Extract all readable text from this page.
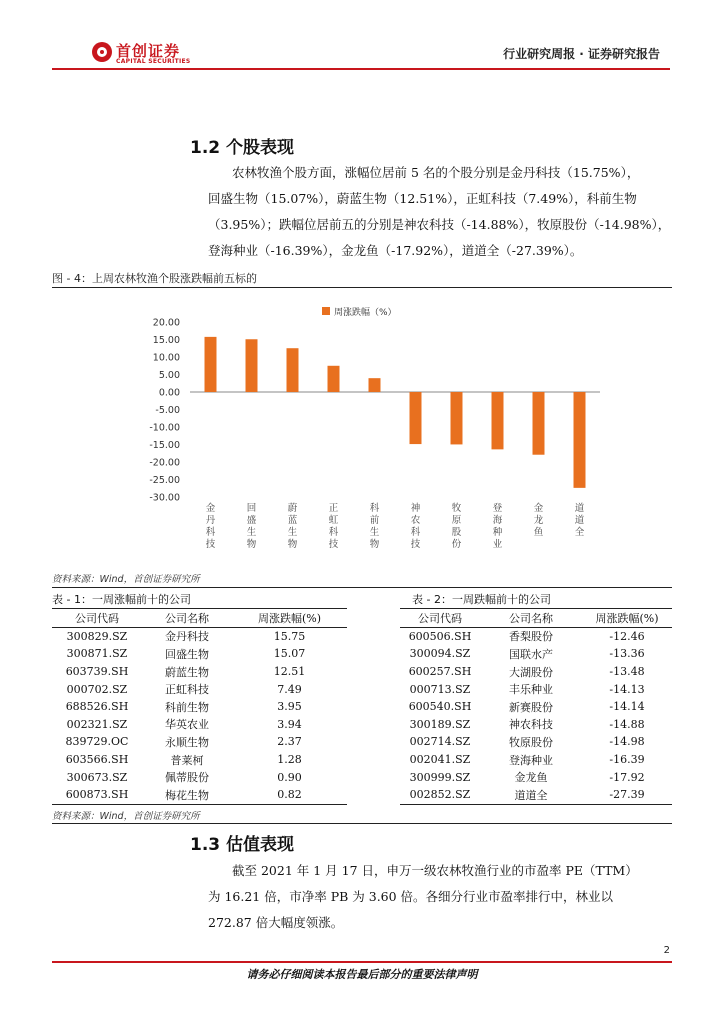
首创证券
CAPITAL SECURITIES
行业研究周报 · 证券研究报告
1.2 个股表现
农林牧渔个股方面，涨幅位居前 5 名的个股分别是金丹科技（15.75%），
回盛生物（15.07%），蔚蓝生物（12.51%），正虹科技（7.49%），科前生物
（3.95%）；跌幅位居前五的分别是神农科技（-14.88%），牧原股份（-14.98%），
登海种业（-16.39%），金龙鱼（-17.92%），道道全（-27.39%）。
图 - 4：上周农林牧渔个股涨跌幅前五标的
周涨跌幅（%）
20.00
15.00
10.00
5.00
0.00
-5.00
-10.00
-15.00
-20.00
-25.00
-30.00
金丹科技
回盛生物
蔚蓝生物
正虹科技
科前生物
神农科技
牧原股份
登海种业
金龙鱼
道道全
资料来源：Wind，首创证券研究所
表 - 1：一周涨幅前十的公司	表 - 2：一周跌幅前十的公司
公司代码	公司名称	周涨跌幅(%)
300829.SZ	金丹科技	15.75
300871.SZ	回盛生物	15.07
603739.SH	蔚蓝生物	12.51
000702.SZ	正虹科技	7.49
688526.SH	科前生物	3.95
002321.SZ	华英农业	3.94
839729.OC	永顺生物	2.37
603566.SH	普莱柯	1.28
300673.SZ	佩蒂股份	0.90
600873.SH	梅花生物	0.82
公司代码	公司名称	周涨跌幅(%)
600506.SH	香梨股份	-12.46
300094.SZ	国联水产	-13.36
600257.SH	大湖股份	-13.48
000713.SZ	丰乐种业	-14.13
600540.SH	新赛股份	-14.14
300189.SZ	神农科技	-14.88
002714.SZ	牧原股份	-14.98
002041.SZ	登海种业	-16.39
300999.SZ	金龙鱼	-17.92
002852.SZ	道道全	-27.39
资料来源：Wind，首创证券研究所
1.3 估值表现
截至 2021 年 1 月 17 日，申万一级农林牧渔行业的市盈率 PE（TTM）
为 16.21 倍，市净率 PB 为 3.60 倍。各细分行业市盈率排行中，林业以
272.87 倍大幅度领涨。
2
请务必仔细阅读本报告最后部分的重要法律声明
